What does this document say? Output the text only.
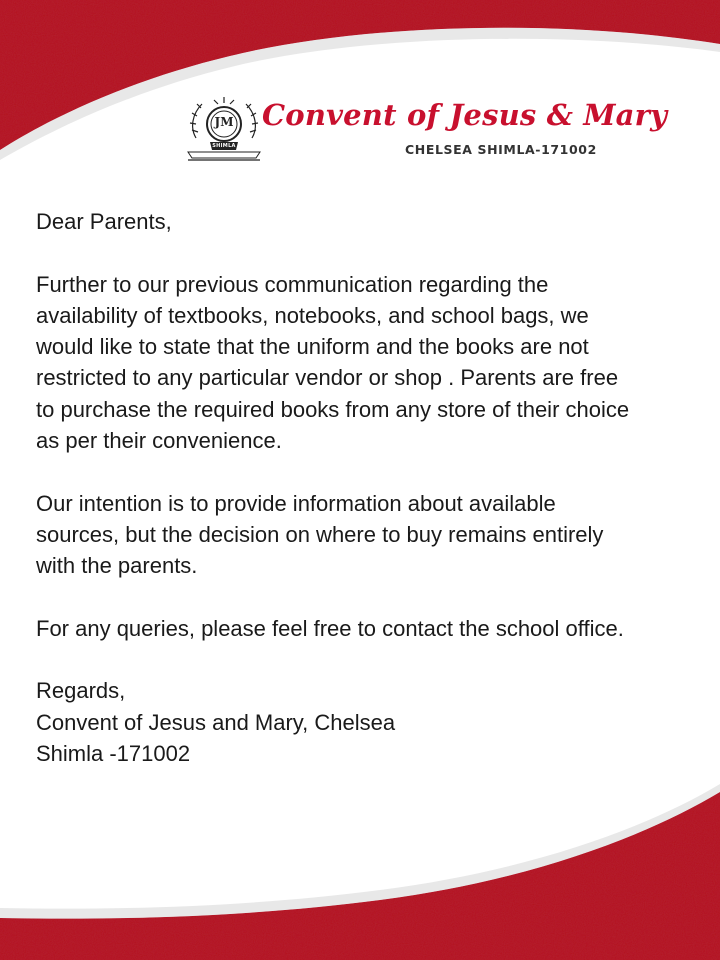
JM
SHIMLA
Convent of Jesus & Mary
CHELSEA SHIMLA-171002

Dear Parents,

Further to our previous communication regarding the
availability of textbooks, notebooks, and school bags, we
would like to state that the uniform and the books are not
restricted to any particular vendor or shop . Parents are free
to purchase the required books from any store of their choice
as per their convenience.

Our intention is to provide information about available
sources, but the decision on where to buy remains entirely
with the parents.

For any queries, please feel free to contact the school office.

Regards,
Convent of Jesus and Mary, Chelsea
Shimla -171002
